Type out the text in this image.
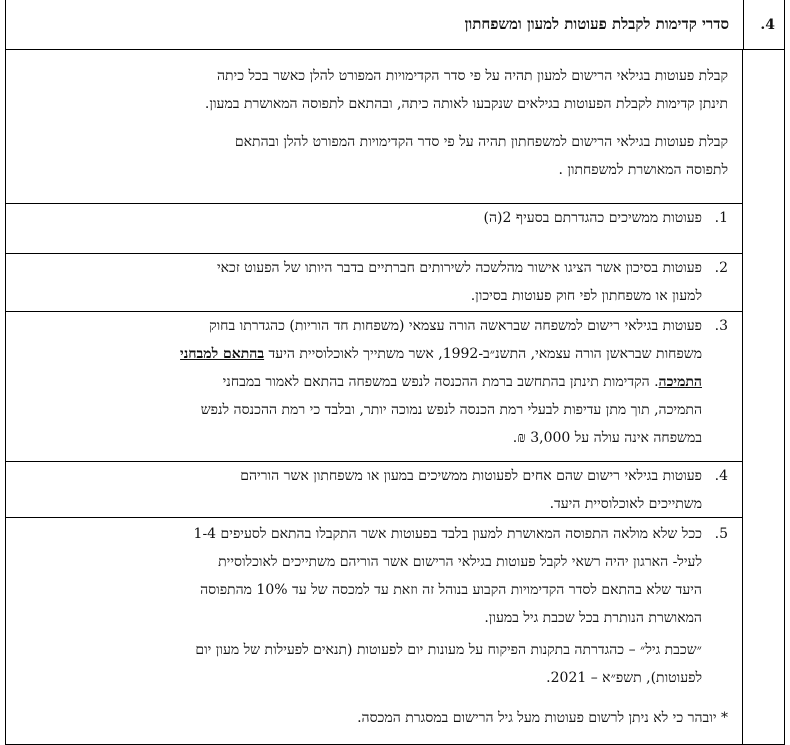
.4
סדרי קדימות לקבלת פעוטות למעון ומשפחתון
קבלת פעוטות בגילאי הרישום למעון תהיה על פי סדר הקדימויות המפורט להלן כאשר בכל כיתה
תינתן קדימות לקבלת הפעוטות בגילאים שנקבעו לאותה כיתה, ובהתאם לתפוסה המאושרת במעון.
קבלת פעוטות בגילאי הרישום למשפחתון תהיה על פי סדר הקדימויות המפורט להלן ובהתאם
לתפוסה המאושרת למשפחתון .
.1
פעוטות ממשיכים כהגדרתם בסעיף 2(ה)
.2
פעוטות בסיכון אשר הציגו אישור מהלשכה לשירותים חברתיים בדבר היותו של הפעוט זכאי
למעון או משפחתון לפי חוק פעוטות בסיכון.
.3
פעוטות בגילאי רישום למשפחה שבראשה הורה עצמאי (משפחות חד הוריות) כהגדרתו בחוק
משפחות שבראשן הורה עצמאי, התשנ״ב-1992, אשר משתייך לאוכלוסיית היעד בהתאם למבחני
התמיכה. הקדימות תינתן בהתחשב ברמת ההכנסה לנפש במשפחה בהתאם לאמור במבחני
התמיכה, תוך מתן עדיפות לבעלי רמת הכנסה לנפש נמוכה יותר, ובלבד כי רמת ההכנסה לנפש
במשפחה אינה עולה על 3,000 ₪.
.4
פעוטות בגילאי רישום שהם אחים לפעוטות ממשיכים במעון או משפחתון אשר הוריהם
משתייכים לאוכלוסיית היעד.
.5
ככל שלא מולאה התפוסה המאושרת למעון בלבד בפעוטות אשר התקבלו בהתאם לסעיפים 1-4
לעיל- הארגון יהיה רשאי לקבל פעוטות בגילאי הרישום אשר הוריהם משתייכים לאוכלוסיית
היעד שלא בהתאם לסדר הקדימויות הקבוע בנוהל זה וזאת עד למכסה של עד 10% מהתפוסה
המאושרת הנותרת בכל שכבת גיל במעון.
״שכבת גיל״ – כהגדרתה בתקנות הפיקוח על מעונות יום לפעוטות (תנאים לפעילות של מעון יום
לפעוטות), תשפ״א – 2021.
* יובהר כי לא ניתן לרשום פעוטות מעל גיל הרישום במסגרת המכסה.
